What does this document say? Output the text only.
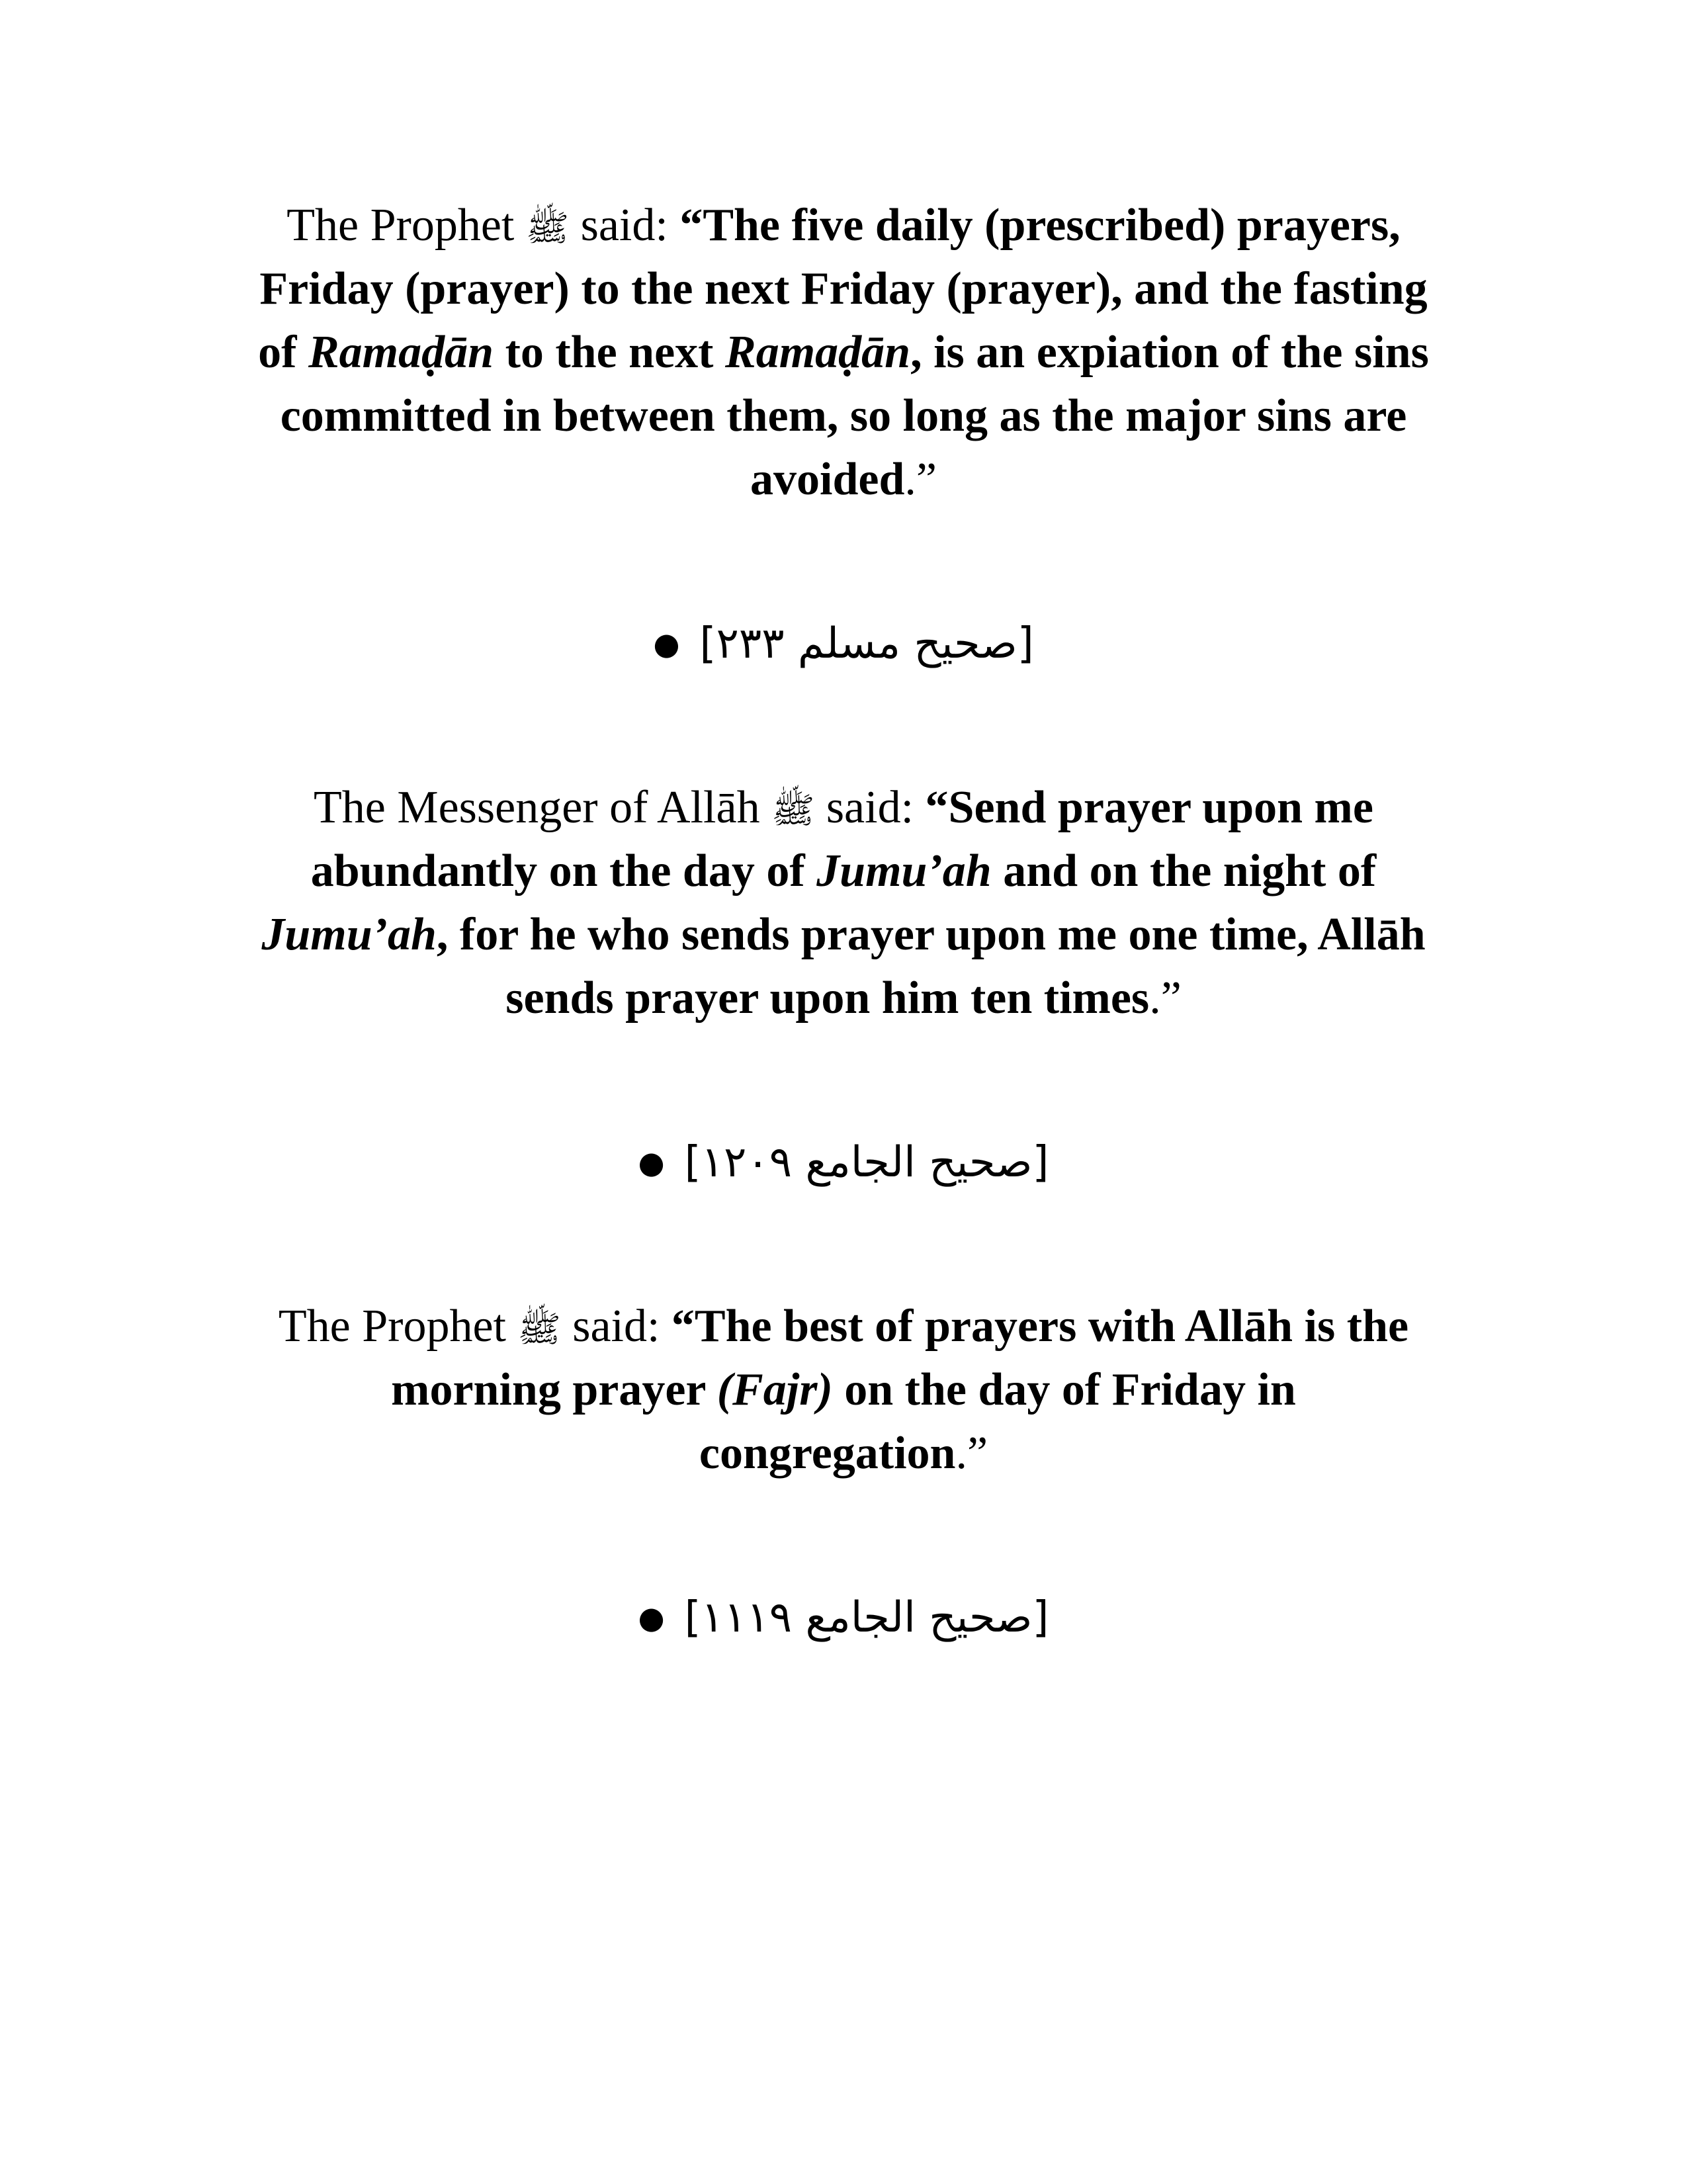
The Prophet ﷺ said: “The five daily (prescribed) prayers,
Friday (prayer) to the next Friday (prayer), and the fasting
of Ramaḍān to the next Ramaḍān, is an expiation of the sins
committed in between them, so long as the major sins are
avoided.”
● [صحيح مسلم ٢٣٣]
The Messenger of Allāh ﷺ said: “Send prayer upon me
abundantly on the day of Jumu’ah and on the night of
Jumu’ah, for he who sends prayer upon me one time, Allāh
sends prayer upon him ten times.”
● [صحيح الجامع ١٢٠٩]
The Prophet ﷺ said: “The best of prayers with Allāh is the
morning prayer (Fajr) on the day of Friday in
congregation.”
● [صحيح الجامع ١١١٩]
